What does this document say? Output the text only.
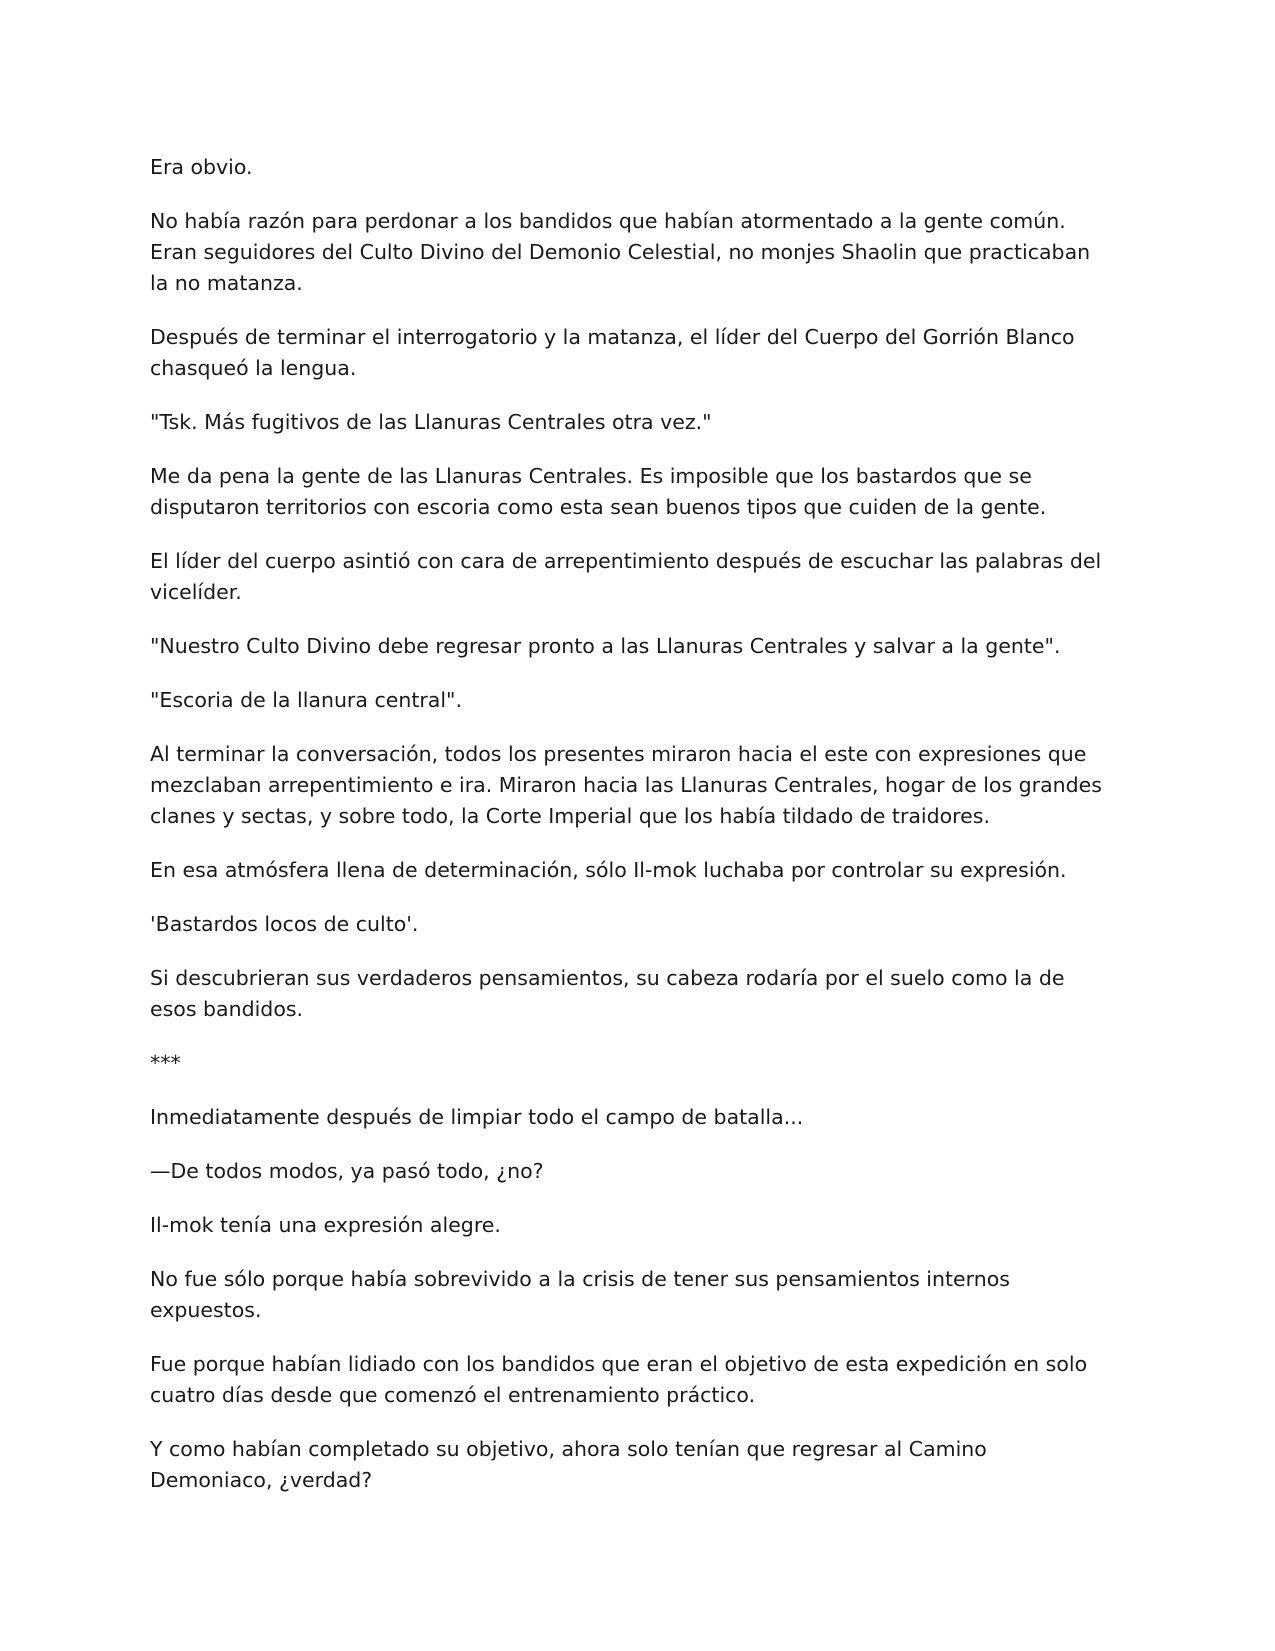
Era obvio.

No había razón para perdonar a los bandidos que habían atormentado a la gente común. Eran seguidores del Culto Divino del Demonio Celestial, no monjes Shaolin que practicaban la no matanza.

Después de terminar el interrogatorio y la matanza, el líder del Cuerpo del Gorrión Blanco chasqueó la lengua.

"Tsk. Más fugitivos de las Llanuras Centrales otra vez."

Me da pena la gente de las Llanuras Centrales. Es imposible que los bastardos que se disputaron territorios con escoria como esta sean buenos tipos que cuiden de la gente.

El líder del cuerpo asintió con cara de arrepentimiento después de escuchar las palabras del vicelíder.

"Nuestro Culto Divino debe regresar pronto a las Llanuras Centrales y salvar a la gente".

"Escoria de la llanura central".

Al terminar la conversación, todos los presentes miraron hacia el este con expresiones que mezclaban arrepentimiento e ira. Miraron hacia las Llanuras Centrales, hogar de los grandes clanes y sectas, y sobre todo, la Corte Imperial que los había tildado de traidores.

En esa atmósfera llena de determinación, sólo Il-mok luchaba por controlar su expresión.

'Bastardos locos de culto'.

Si descubrieran sus verdaderos pensamientos, su cabeza rodaría por el suelo como la de esos bandidos.

***

Inmediatamente después de limpiar todo el campo de batalla...

—De todos modos, ya pasó todo, ¿no?

Il-mok tenía una expresión alegre.

No fue sólo porque había sobrevivido a la crisis de tener sus pensamientos internos expuestos.

Fue porque habían lidiado con los bandidos que eran el objetivo de esta expedición en solo cuatro días desde que comenzó el entrenamiento práctico.

Y como habían completado su objetivo, ahora solo tenían que regresar al Camino Demoniaco, ¿verdad?
